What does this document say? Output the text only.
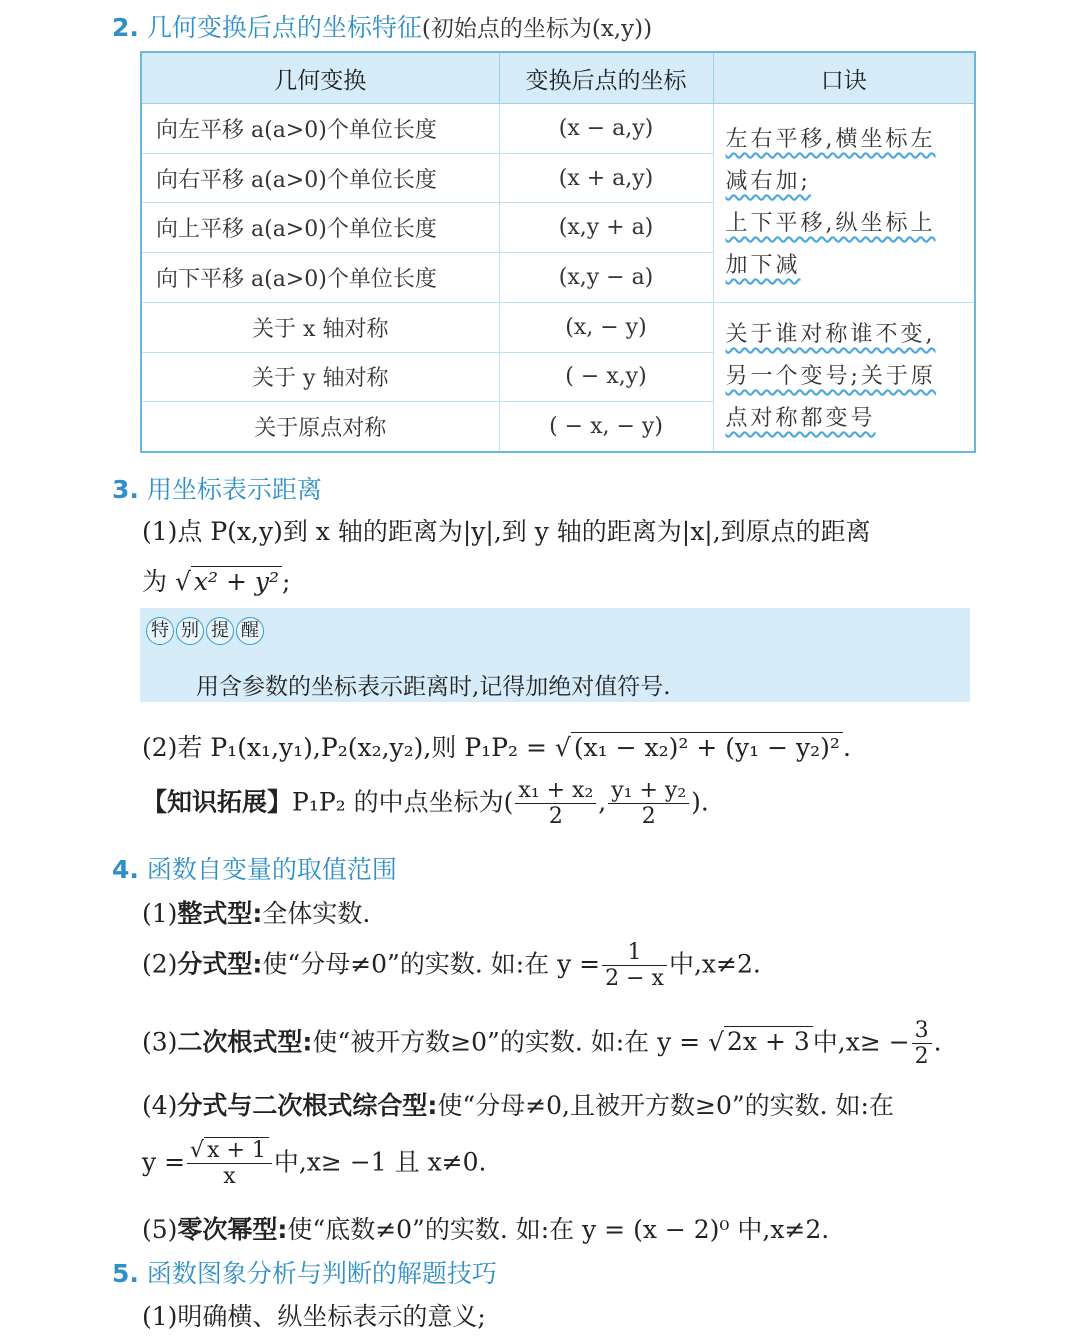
2. 几何变换后点的坐标特征(初始点的坐标为(x,y))
几何变换	变换后点的坐标	口诀
向左平移 a(a>0)个单位长度	(x − a,y)	左右平移,横坐标左
减右加;
上下平移,纵坐标上
加下减

向右平移 a(a>0)个单位长度	(x + a,y)	
向上平移 a(a>0)个单位长度	(x,y + a)	
向下平移 a(a>0)个单位长度	(x,y − a)	
关于 x 轴对称	(x, − y)	关于谁对称谁不变,
另一个变号;关于原
点对称都变号

关于 y 轴对称	( − x,y)	
关于原点对称	( − x, − y)	
3. 用坐标表示距离
(1)点 P(x,y)到 x 轴的距离为|y|,到 y 轴的距离为|x|,到原点的距离
为 √ x² + y² ;
特 别 提 醒
用含参数的坐标表示距离时,记得加绝对值符号.
(2)若 P₁(x₁,y₁),P₂(x₂,y₂),则 P₁P₂ = √ (x₁ − x₂)² + (y₁ − y₂)² .
【知识拓展】P₁P₂ 的中点坐标为( $\frac{\text{x₁ + x₂}}{2}$ , $\frac{\text{y₁ + y₂}}{2}$ ).
4. 函数自变量的取值范围
(1)整式型:全体实数.
(2)分式型:使“分母≠0”的实数. 如:在 $y = \frac{1}{2 - x}$ 中,x≠2.
(3)二次根式型:使“被开方数≥0”的实数. 如:在 y = √ 2x + 3 中$,x\ge - \frac{3}{2}$ .
(4)分式与二次根式综合型:使“分母≠0,且被开方数≥0”的实数. 如:在
$y = \frac{√ x + 1}{x}$ 中,x≥ −1 且 x≠0.
(5)零次幂型:使“底数≠0”的实数. 如:在 y = (x − 2)⁰ 中,x≠2.
5. 函数图象分析与判断的解题技巧
(1)明确横、纵坐标表示的意义;
